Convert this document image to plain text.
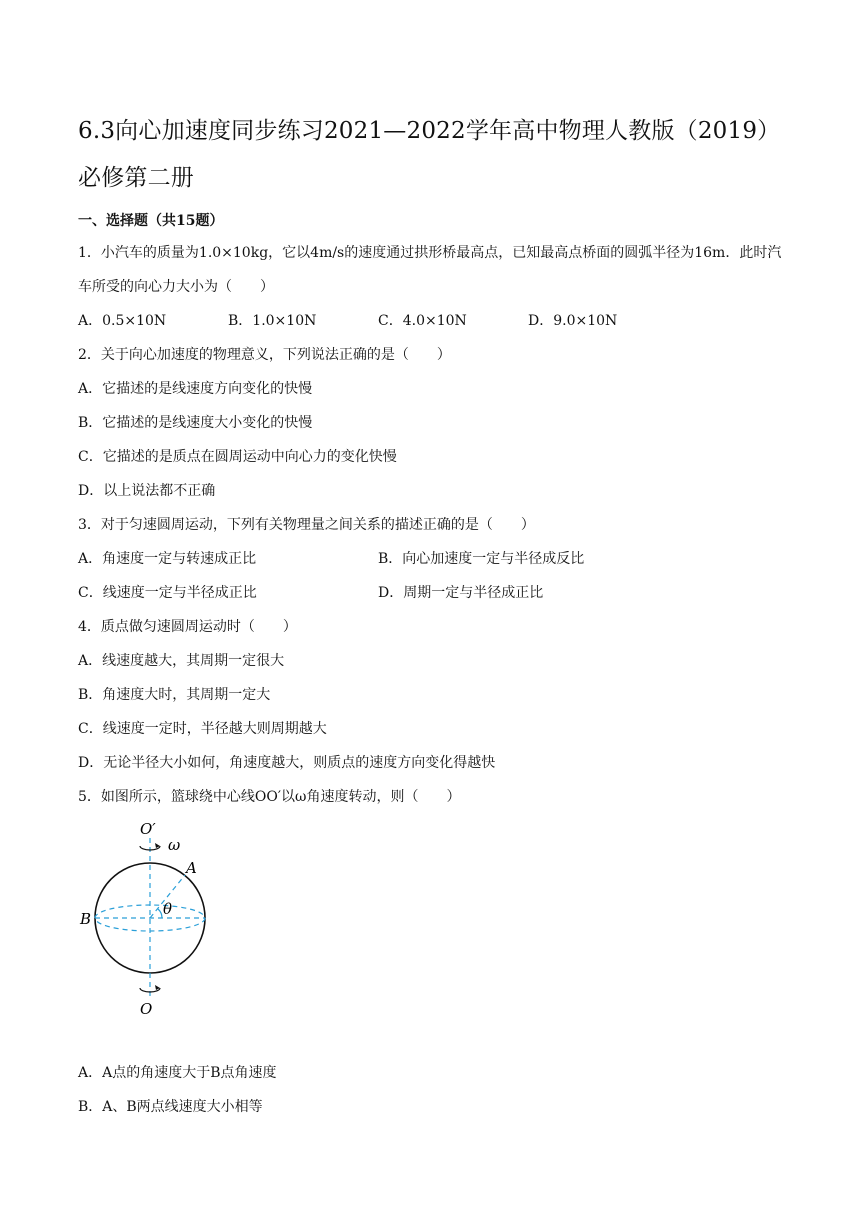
6.3向心加速度同步练习2021—2022学年高中物理人教版（2019）必修第二册
一、选择题（共15题）

1．小汽车的质量为1.0×10kg，它以4m/s的速度通过拱形桥最高点，已知最高点桥面的圆弧半径为16m．此时汽车所受的向心力大小为（　　）

A．0.5×10N	B．1.0×10N	C．4.0×10N	D．9.0×10N

2．关于向心加速度的物理意义，下列说法正确的是（　　）

A．它描述的是线速度方向变化的快慢

B．它描述的是线速度大小变化的快慢

C．它描述的是质点在圆周运动中向心力的变化快慢

D．以上说法都不正确

3．对于匀速圆周运动，下列有关物理量之间关系的描述正确的是（　　）

A．角速度一定与转速成正比	B．向心加速度一定与半径成反比
C．线速度一定与半径成正比	D．周期一定与半径成正比

4．质点做匀速圆周运动时（　　）

A．线速度越大，其周期一定很大

B．角速度大时，其周期一定大

C．线速度一定时，半径越大则周期越大

D．无论半径大小如何，角速度越大，则质点的速度方向变化得越快

5．如图所示，篮球绕中心线OO′以ω角速度转动，则（　　）

O′
ω
A
B
θ
O

A．A点的角速度大于B点角速度

B．A、B两点线速度大小相等
